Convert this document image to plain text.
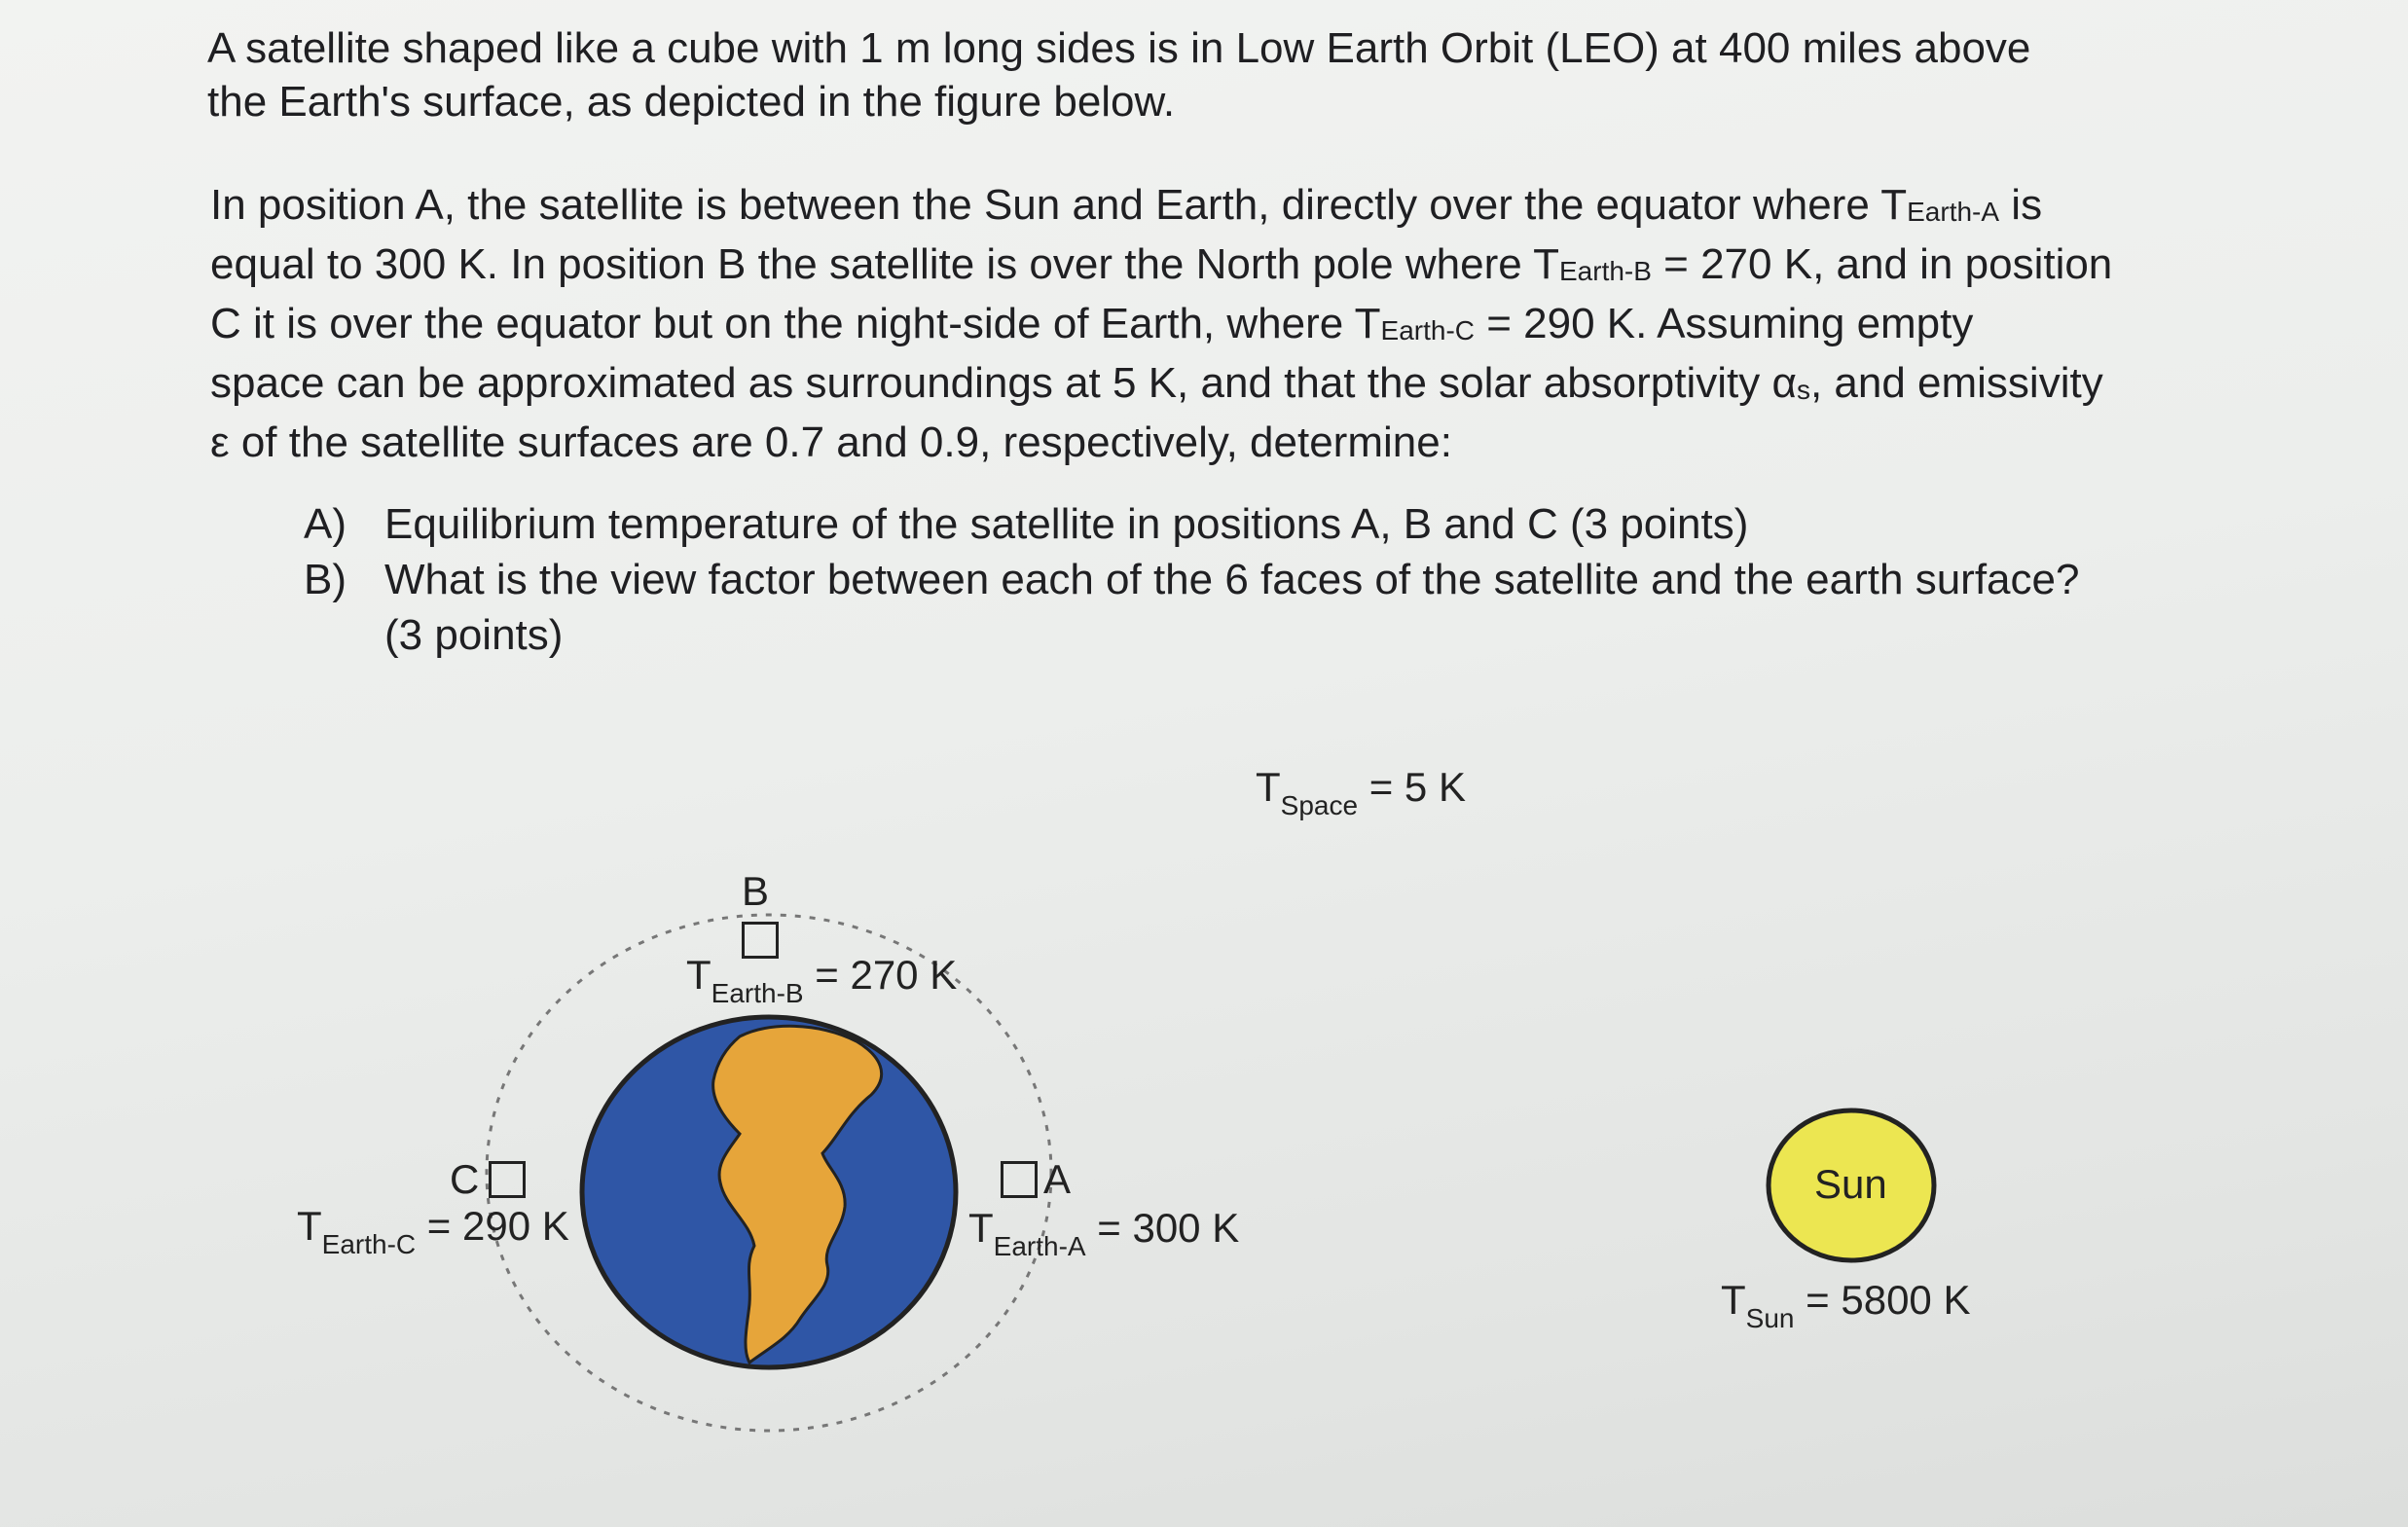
A satellite shaped like a cube with 1 m long sides is in Low Earth Orbit (LEO) at 400 miles above
the Earth's surface, as depicted in the figure below.
In position A, the satellite is between the Sun and Earth, directly over the equator where $T_{Earth-A}$ is
equal to 300 K. In position B the satellite is over the North pole where $T_{Earth-B} = 270$ K, and in position
C it is over the equator but on the night-side of Earth, where $T_{Earth-C} = 290$ K. Assuming empty
space can be approximated as surroundings at 5 K, and that the solar absorptivity $\alpha_s$, and emissivity
ε of the satellite surfaces are 0.7 and 0.9, respectively, determine:
A) Equilibrium temperature of the satellite in positions A, B and C (3 points)
B) What is the view factor between each of the 6 faces of the satellite and the earth surface?
(3 points)
$T_{Space} = 5$ K
B
$T_{Earth-B} = 270$ K
C
$T_{Earth-C} = 290$ K
A
$T_{Earth-A} = 300$ K
Sun
$T_{Sun} = 5800$ K
